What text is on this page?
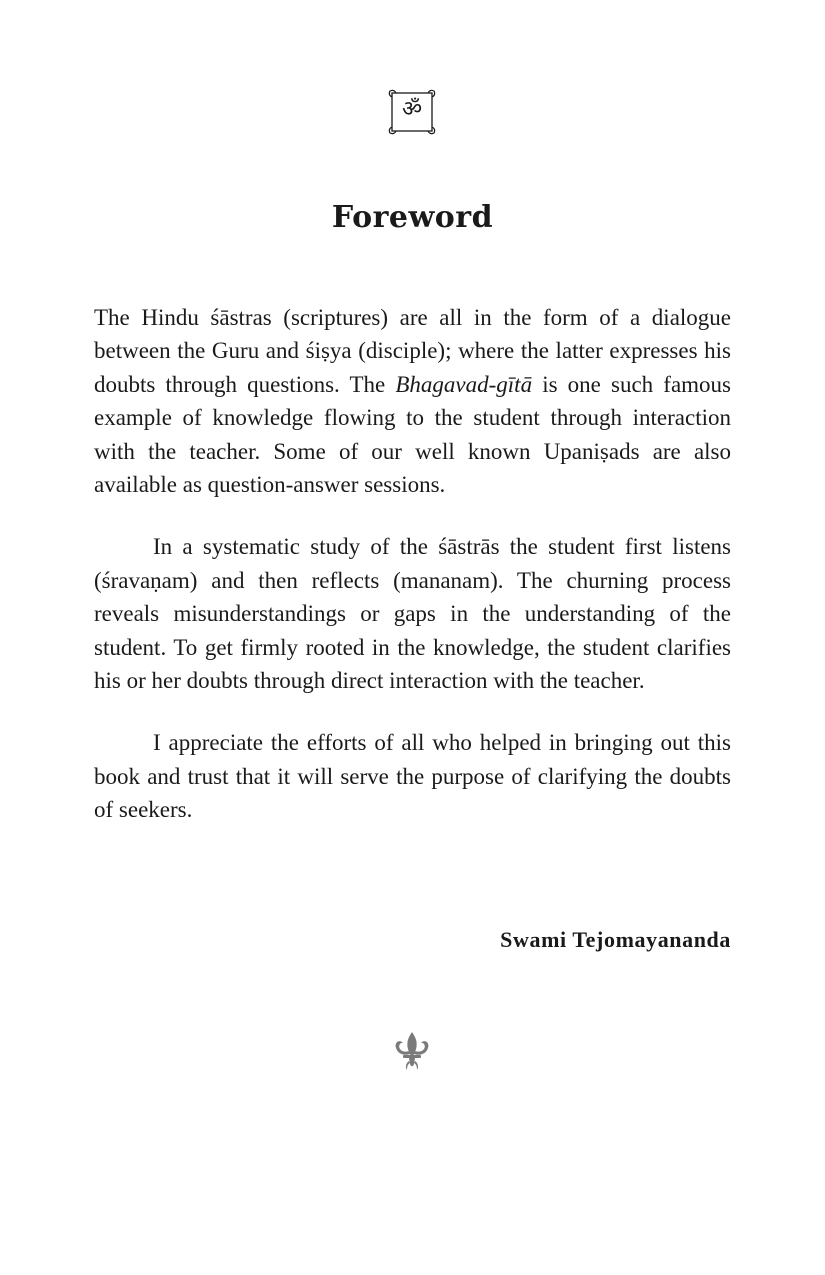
ॐ
Foreword

The Hindu śāstras (scriptures) are all in the form of a dialogue between the Guru and śiṣya (disciple); where the latter expresses his doubts through questions. The Bhagavad-gītā is one such famous example of knowledge flowing to the student through interaction with the teacher. Some of our well known Upaniṣads are also available as question-answer sessions.

In a systematic study of the śāstrās the student first listens (śravaṇam) and then reflects (mananam). The churning process reveals misunderstandings or gaps in the understanding of the student. To get firmly rooted in the knowledge, the student clarifies his or her doubts through direct interaction with the teacher.

I appreciate the efforts of all who helped in bringing out this book and trust that it will serve the purpose of clarifying the doubts of seekers.

Swami Tejomayananda
